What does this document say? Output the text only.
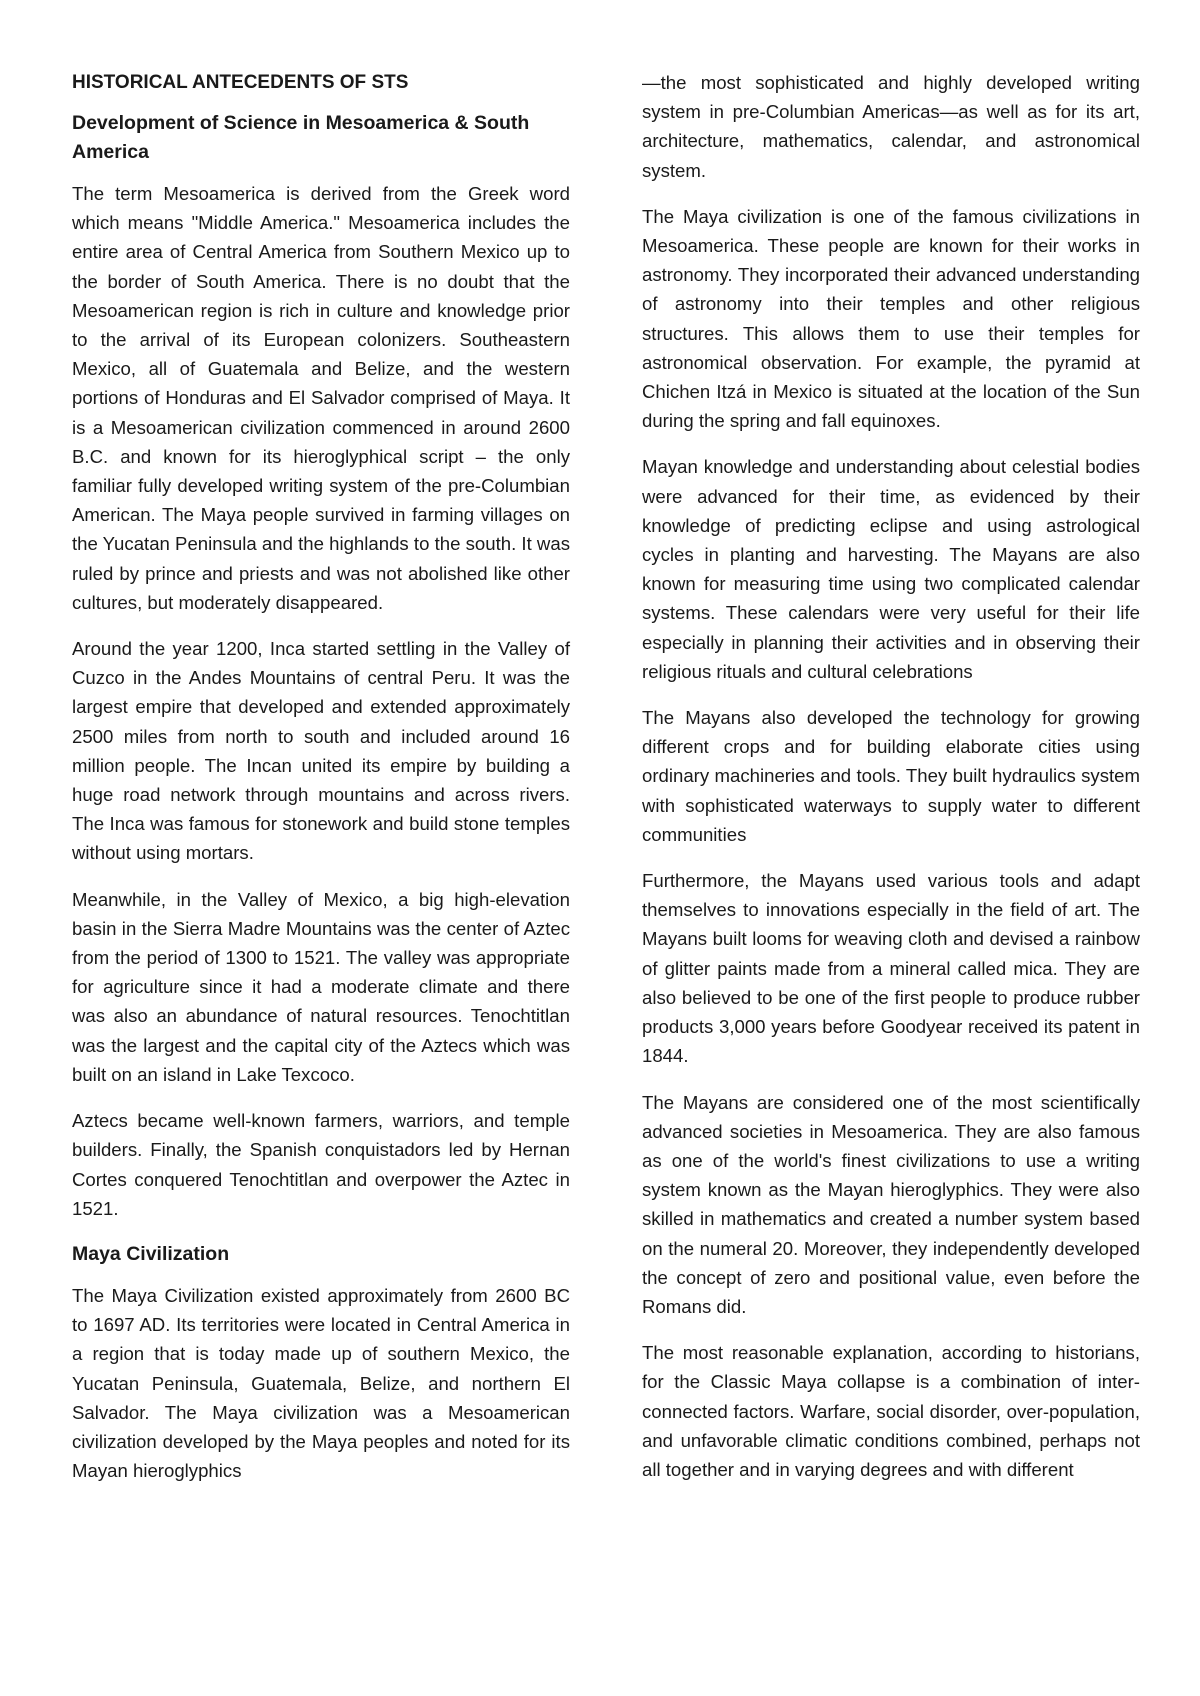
HISTORICAL ANTECEDENTS OF STS
Development of Science in Mesoamerica & South America

The term Mesoamerica is derived from the Greek word which means "Middle America." Mesoamerica includes the entire area of Central America from Southern Mexico up to the border of South America. There is no doubt that the Mesoamerican region is rich in culture and knowledge prior to the arrival of its European colonizers. Southeastern Mexico, all of Guatemala and Belize, and the western portions of Honduras and El Salvador comprised of Maya. It is a Mesoamerican civilization commenced in around 2600 B.C. and known for its hieroglyphical script – the only familiar fully developed writing system of the pre-Columbian American. The Maya people survived in farming villages on the Yucatan Peninsula and the highlands to the south. It was ruled by prince and priests and was not abolished like other cultures, but moderately disappeared.

Around the year 1200, Inca started settling in the Valley of Cuzco in the Andes Mountains of central Peru. It was the largest empire that developed and extended approximately 2500 miles from north to south and included around 16 million people. The Incan united its empire by building a huge road network through mountains and across rivers. The Inca was famous for stonework and build stone temples without using mortars.

Meanwhile, in the Valley of Mexico, a big high-elevation basin in the Sierra Madre Mountains was the center of Aztec from the period of 1300 to 1521. The valley was appropriate for agriculture since it had a moderate climate and there was also an abundance of natural resources. Tenochtitlan was the largest and the capital city of the Aztecs which was built on an island in Lake Texcoco.

Aztecs became well-known farmers, warriors, and temple builders. Finally, the Spanish conquistadors led by Hernan Cortes conquered Tenochtitlan and overpower the Aztec in 1521.

Maya Civilization

The Maya Civilization existed approximately from 2600 BC to 1697 AD. Its territories were located in Central America in a region that is today made up of southern Mexico, the Yucatan Peninsula, Guatemala, Belize, and northern El Salvador. The Maya civilization was a Mesoamerican civilization developed by the Maya peoples and noted for its Mayan hieroglyphics

—the most sophisticated and highly developed writing system in pre-Columbian Americas—as well as for its art, architecture, mathematics, calendar, and astronomical system.

The Maya civilization is one of the famous civilizations in Mesoamerica. These people are known for their works in astronomy. They incorporated their advanced understanding of astronomy into their temples and other religious structures. This allows them to use their temples for astronomical observation. For example, the pyramid at Chichen Itzá in Mexico is situated at the location of the Sun during the spring and fall equinoxes.

Mayan knowledge and understanding about celestial bodies were advanced for their time, as evidenced by their knowledge of predicting eclipse and using astrological cycles in planting and harvesting. The Mayans are also known for measuring time using two complicated calendar systems. These calendars were very useful for their life especially in planning their activities and in observing their religious rituals and cultural celebrations

The Mayans also developed the technology for growing different crops and for building elaborate cities using ordinary machineries and tools. They built hydraulics system with sophisticated waterways to supply water to different communities

Furthermore, the Mayans used various tools and adapt themselves to innovations especially in the field of art. The Mayans built looms for weaving cloth and devised a rainbow of glitter paints made from a mineral called mica. They are also believed to be one of the first people to produce rubber products 3,000 years before Goodyear received its patent in 1844.

The Mayans are considered one of the most scientifically advanced societies in Mesoamerica. They are also famous as one of the world's finest civilizations to use a writing system known as the Mayan hieroglyphics. They were also skilled in mathematics and created a number system based on the numeral 20. Moreover, they independently developed the concept of zero and positional value, even before the Romans did.

The most reasonable explanation, according to historians, for the Classic Maya collapse is a combination of inter-connected factors. Warfare, social disorder, over-population, and unfavorable climatic conditions combined, perhaps not all together and in varying degrees and with different
